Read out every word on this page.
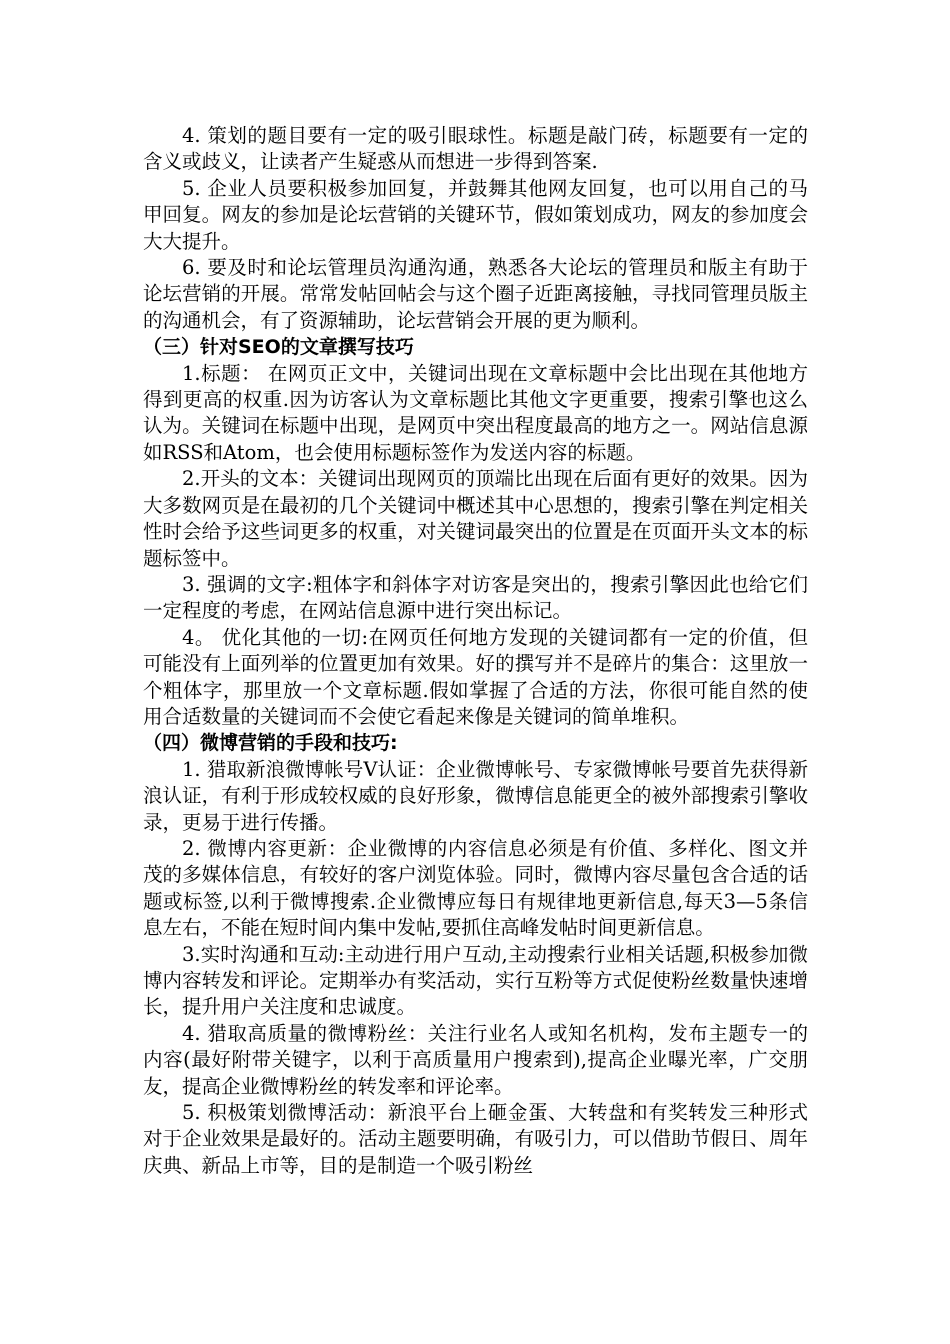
4. 策划的题目要有一定的吸引眼球性。标题是敲门砖，标题要有一定的含义或歧义，让读者产生疑惑从而想进一步得到答案.

5. 企业人员要积极参加回复，并鼓舞其他网友回复，也可以用自己的马甲回复。网友的参加是论坛营销的关键环节，假如策划成功，网友的参加度会大大提升。

6. 要及时和论坛管理员沟通沟通，熟悉各大论坛的管理员和版主有助于论坛营销的开展。常常发帖回帖会与这个圈子近距离接触，寻找同管理员版主的沟通机会，有了资源辅助，论坛营销会开展的更为顺利。

（三）针对SEO的文章撰写技巧

1.标题： 在网页正文中，关键词出现在文章标题中会比出现在其他地方得到更高的权重.因为访客认为文章标题比其他文字更重要，搜索引擎也这么认为。关键词在标题中出现，是网页中突出程度最高的地方之一。网站信息源如RSS和Atom，也会使用标题标签作为发送内容的标题。

2.开头的文本：关键词出现网页的顶端比出现在后面有更好的效果。因为大多数网页是在最初的几个关键词中概述其中心思想的，搜索引擎在判定相关性时会给予这些词更多的权重，对关键词最突出的位置是在页面开头文本的标题标签中。

3. 强调的文字:粗体字和斜体字对访客是突出的，搜索引擎因此也给它们一定程度的考虑，在网站信息源中进行突出标记。

4。 优化其他的一切:在网页任何地方发现的关键词都有一定的价值，但可能没有上面列举的位置更加有效果。好的撰写并不是碎片的集合：这里放一个粗体字，那里放一个文章标题.假如掌握了合适的方法，你很可能自然的使用合适数量的关键词而不会使它看起来像是关键词的简单堆积。

（四）微博营销的手段和技巧:

1. 猎取新浪微博帐号V认证：企业微博帐号、专家微博帐号要首先获得新浪认证，有利于形成较权威的良好形象，微博信息能更全的被外部搜索引擎收录，更易于进行传播。

2. 微博内容更新：企业微博的内容信息必须是有价值、多样化、图文并茂的多媒体信息，有较好的客户浏览体验。同时，微博内容尽量包含合适的话题或标签,以利于微博搜索.企业微博应每日有规律地更新信息,每天3—5条信息左右，不能在短时间内集中发帖,要抓住高峰发帖时间更新信息。

3.实时沟通和互动:主动进行用户互动,主动搜索行业相关话题,积极参加微博内容转发和评论。定期举办有奖活动，实行互粉等方式促使粉丝数量快速增长，提升用户关注度和忠诚度。

4. 猎取高质量的微博粉丝：关注行业名人或知名机构，发布主题专一的内容(最好附带关键字，以利于高质量用户搜索到),提高企业曝光率，广交朋友，提高企业微博粉丝的转发率和评论率。

5. 积极策划微博活动：新浪平台上砸金蛋、大转盘和有奖转发三种形式对于企业效果是最好的。活动主题要明确，有吸引力，可以借助节假日、周年庆典、新品上市等，目的是制造一个吸引粉丝
